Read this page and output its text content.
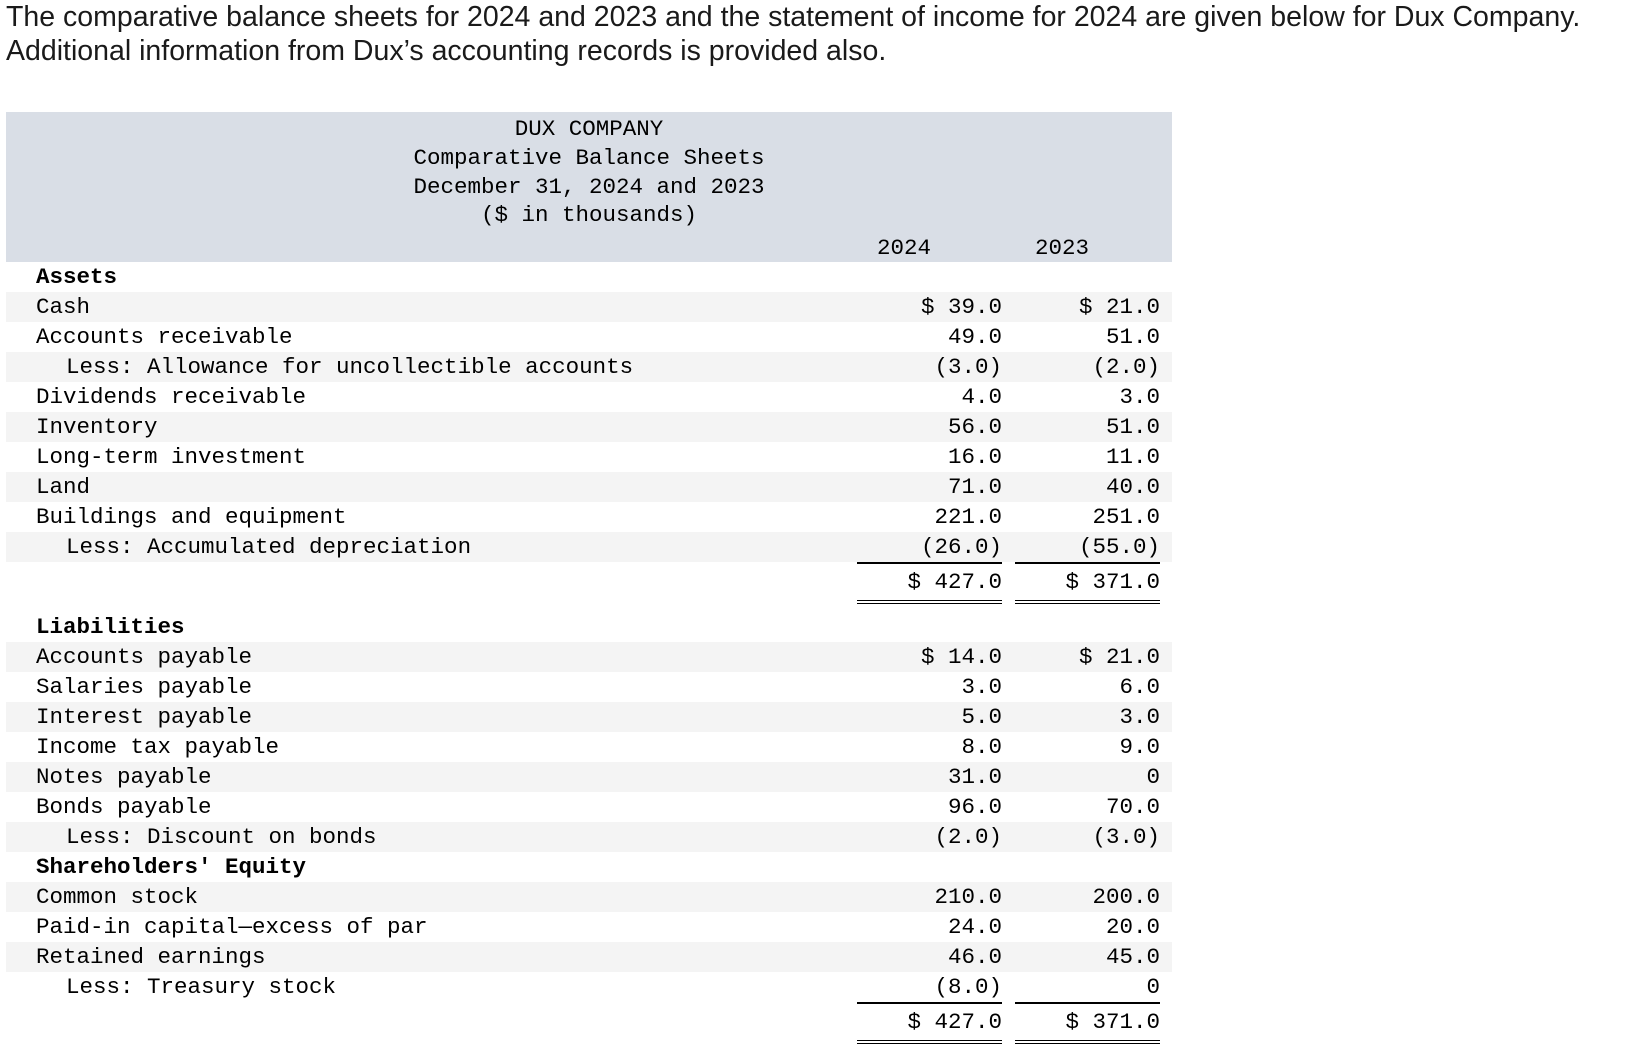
The comparative balance sheets for 2024 and 2023 and the statement of income for 2024 are given below for Dux Company. Additional information from Dux’s accounting records is provided also.

DUX COMPANY
Comparative Balance Sheets
December 31, 2024 and 2023
($ in thousands)
2024	2023
Assets
Cash	$ 39.0	$ 21.0
Accounts receivable	49.0	51.0
Less: Allowance for uncollectible accounts	(3.0)	(2.0)
Dividends receivable	4.0	3.0
Inventory	56.0	51.0
Long-term investment	16.0	11.0
Land	71.0	40.0
Buildings and equipment	221.0	251.0
Less: Accumulated depreciation	(26.0)	(55.0)
$ 427.0	$ 371.0
Liabilities
Accounts payable	$ 14.0	$ 21.0
Salaries payable	3.0	6.0
Interest payable	5.0	3.0
Income tax payable	8.0	9.0
Notes payable	31.0	0
Bonds payable	96.0	70.0
Less: Discount on bonds	(2.0)	(3.0)
Shareholders' Equity
Common stock	210.0	200.0
Paid-in capital—excess of par	24.0	20.0
Retained earnings	46.0	45.0
Less: Treasury stock	(8.0)	0
$ 427.0	$ 371.0
